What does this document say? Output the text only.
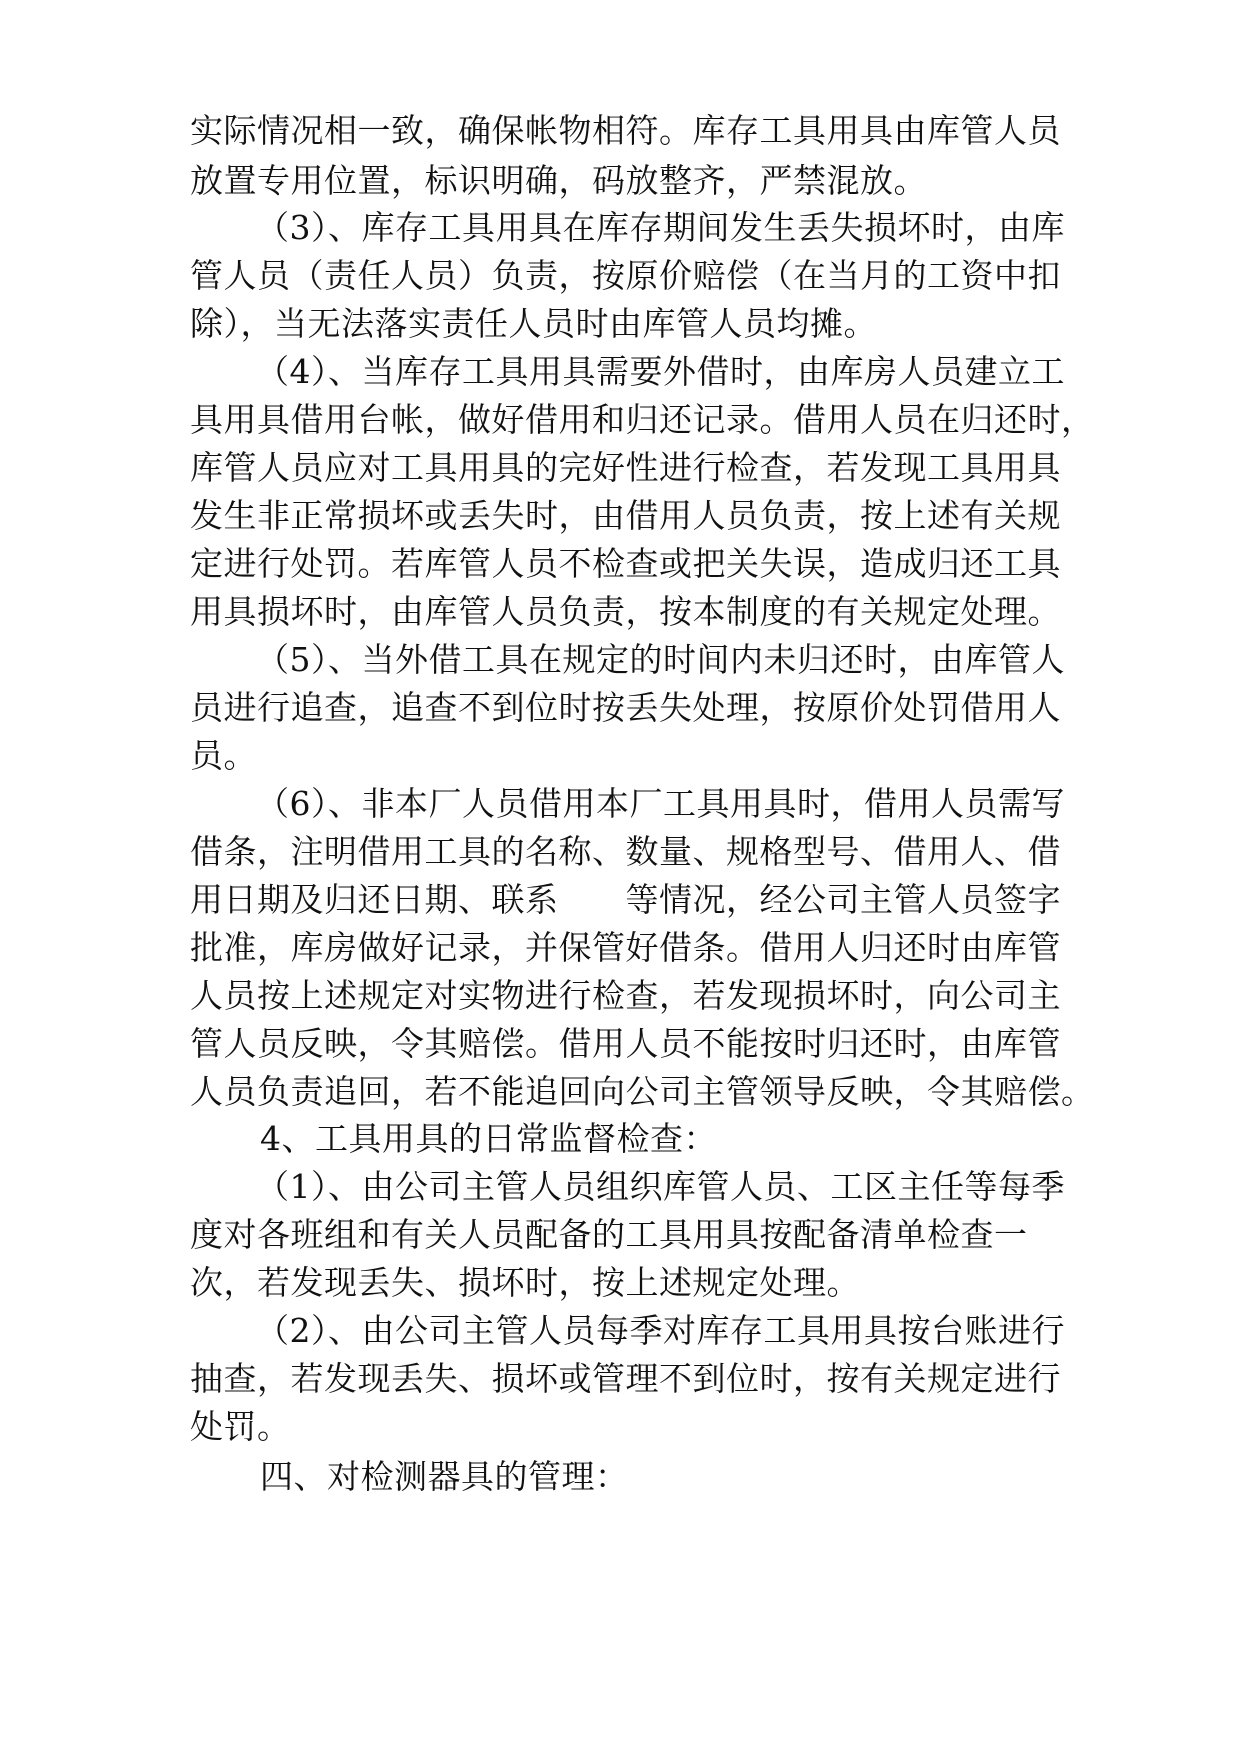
实际情况相一致，确保帐物相符。库存工具用具由库管人员
放置专用位置，标识明确，码放整齐，严禁混放。
（3）、库存工具用具在库存期间发生丢失损坏时，由库
管人员（责任人员）负责，按原价赔偿（在当月的工资中扣
除），当无法落实责任人员时由库管人员均摊。
（4）、当库存工具用具需要外借时，由库房人员建立工
具用具借用台帐，做好借用和归还记录。借用人员在归还时，
库管人员应对工具用具的完好性进行检查，若发现工具用具
发生非正常损坏或丢失时，由借用人员负责，按上述有关规
定进行处罚。若库管人员不检查或把关失误，造成归还工具
用具损坏时，由库管人员负责，按本制度的有关规定处理。
（5）、当外借工具在规定的时间内未归还时，由库管人
员进行追查，追查不到位时按丢失处理，按原价处罚借用人
员。
（6）、非本厂人员借用本厂工具用具时，借用人员需写
借条，注明借用工具的名称、数量、规格型号、借用人、借
用日期及归还日期、联系　　等情况，经公司主管人员签字
批准，库房做好记录，并保管好借条。借用人归还时由库管
人员按上述规定对实物进行检查，若发现损坏时，向公司主
管人员反映，令其赔偿。借用人员不能按时归还时，由库管
人员负责追回，若不能追回向公司主管领导反映，令其赔偿。
4、工具用具的日常监督检查：
（1）、由公司主管人员组织库管人员、工区主任等每季
度对各班组和有关人员配备的工具用具按配备清单检查一
次，若发现丢失、损坏时，按上述规定处理。
（2）、由公司主管人员每季对库存工具用具按台账进行
抽查，若发现丢失、损坏或管理不到位时，按有关规定进行
处罚。
四、对检测器具的管理：
